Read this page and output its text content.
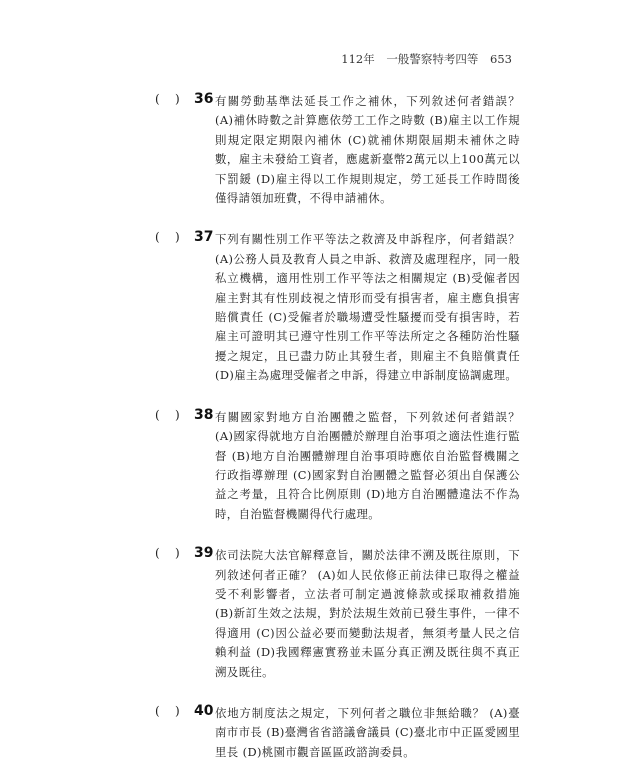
112年 一般警察特考四等 653
( ) 36 有關勞動基準法延長工作之補休，下列敘述何者錯誤？ (A)補休時數之計算應依勞工工作之時數 (B)雇主以工作規則規定限定期限內補休 (C)就補休期限屆期未補休之時數，雇主未發給工資者，應處新臺幣2萬元以上100萬元以下罰鍰 (D)雇主得以工作規則規定，勞工延長工作時間後僅得請領加班費，不得申請補休。
( ) 37 下列有關性別工作平等法之救濟及申訴程序，何者錯誤？ (A)公務人員及教育人員之申訴、救濟及處理程序，同一般私立機構，適用性別工作平等法之相關規定 (B)受僱者因雇主對其有性別歧視之情形而受有損害者，雇主應負損害賠償責任 (C)受僱者於職場遭受性騷擾而受有損害時，若雇主可證明其已遵守性別工作平等法所定之各種防治性騷擾之規定，且已盡力防止其發生者，則雇主不負賠償責任 (D)雇主為處理受僱者之申訴，得建立申訴制度協調處理。
( ) 38 有關國家對地方自治團體之監督，下列敘述何者錯誤？ (A)國家得就地方自治團體於辦理自治事項之適法性進行監督 (B)地方自治團體辦理自治事項時應依自治監督機關之行政指導辦理 (C)國家對自治團體之監督必須出自保護公益之考量，且符合比例原則 (D)地方自治團體違法不作為時，自治監督機關得代行處理。
( ) 39 依司法院大法官解釋意旨，關於法律不溯及既往原則，下列敘述何者正確？ (A)如人民依修正前法律已取得之權益受不利影響者，立法者可制定過渡條款或採取補救措施 (B)新訂生效之法規，對於法規生效前已發生事件，一律不得適用 (C)因公益必要而變動法規者，無須考量人民之信賴利益 (D)我國釋憲實務並未區分真正溯及既往與不真正溯及既往。
( ) 40 依地方制度法之規定，下列何者之職位非無給職？ (A)臺南市市長 (B)臺灣省省諮議會議員 (C)臺北市中正區愛國里里長 (D)桃園市觀音區區政諮詢委員。
